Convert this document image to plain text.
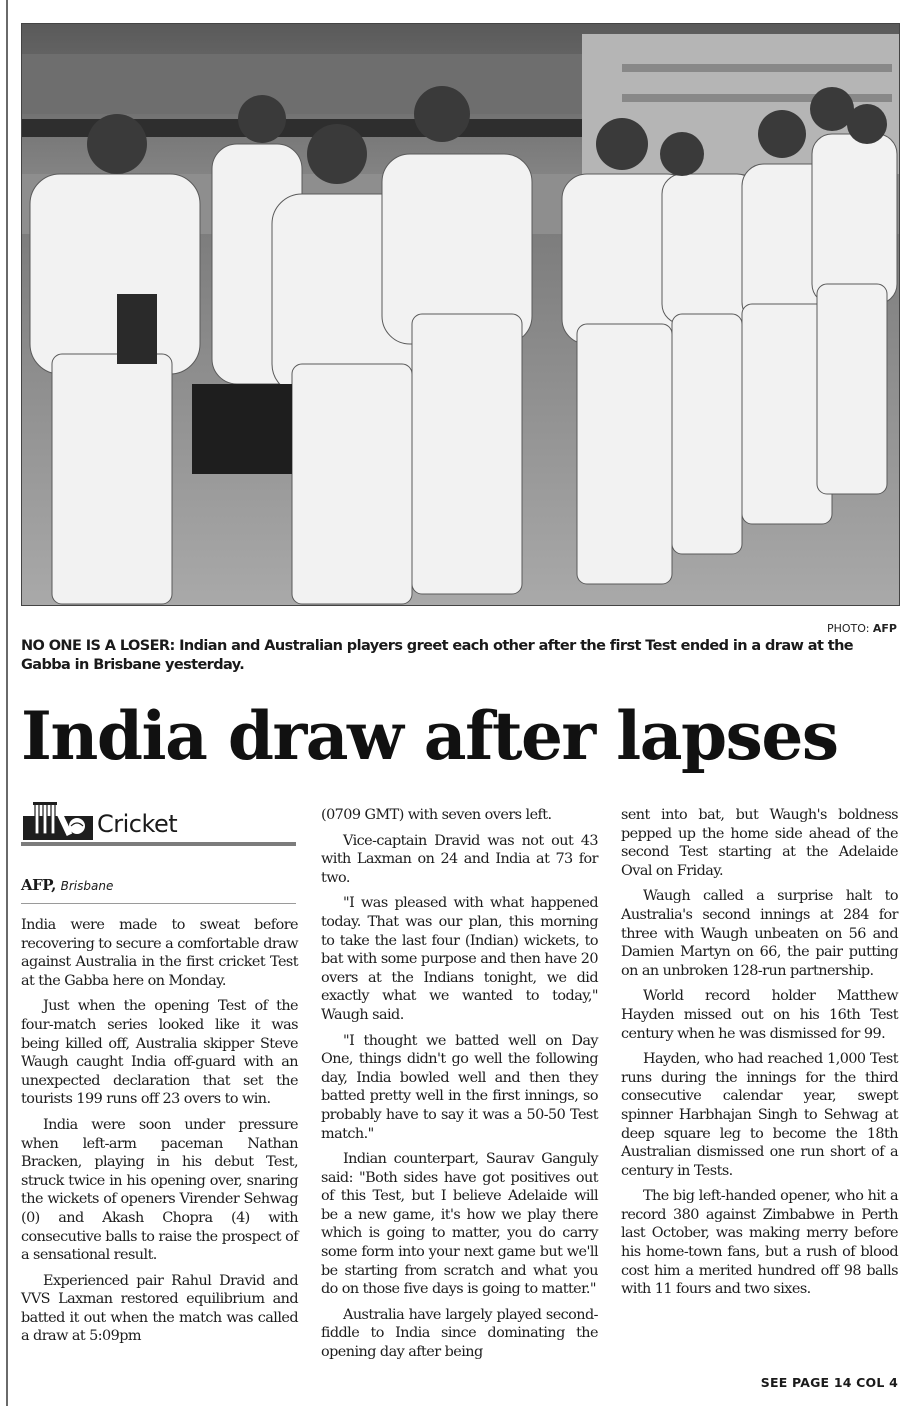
PHOTO: AFP
NO ONE IS A LOSER: Indian and Australian players greet each other after the first Test ended in a draw at the Gabba in Brisbane yesterday.
India draw after lapses
Cricket
AFP, Brisbane

India were made to sweat before recovering to secure a comfortable draw against Australia in the first cricket Test at the Gabba here on Monday.

Just when the opening Test of the four-match series looked like it was being killed off, Australia skipper Steve Waugh caught India off-guard with an unexpected declaration that set the tourists 199 runs off 23 overs to win.

India were soon under pressure when left-arm paceman Nathan Bracken, playing in his debut Test, struck twice in his opening over, snaring the wickets of openers Virender Sehwag (0) and Akash Chopra (4) with consecutive balls to raise the prospect of a sensational result.

Experienced pair Rahul Dravid and VVS Laxman restored equilibrium and batted it out when the match was called a draw at 5:09pm

(0709 GMT) with seven overs left.

Vice-captain Dravid was not out 43 with Laxman on 24 and India at 73 for two.

"I was pleased with what happened today. That was our plan, this morning to take the last four (Indian) wickets, to bat with some purpose and then have 20 overs at the Indians tonight, we did exactly what we wanted to today," Waugh said.

"I thought we batted well on Day One, things didn't go well the following day, India bowled well and then they batted pretty well in the first innings, so probably have to say it was a 50-50 Test match."

Indian counterpart, Saurav Ganguly said: "Both sides have got positives out of this Test, but I believe Adelaide will be a new game, it's how we play there which is going to matter, you do carry some form into your next game but we'll be starting from scratch and what you do on those five days is going to matter."

Australia have largely played second-fiddle to India since dominating the opening day after being

sent into bat, but Waugh's boldness pepped up the home side ahead of the second Test starting at the Adelaide Oval on Friday.

Waugh called a surprise halt to Australia's second innings at 284 for three with Waugh unbeaten on 56 and Damien Martyn on 66, the pair putting on an unbroken 128-run partnership.

World record holder Matthew Hayden missed out on his 16th Test century when he was dismissed for 99.

Hayden, who had reached 1,000 Test runs during the innings for the third consecutive calendar year, swept spinner Harbhajan Singh to Sehwag at deep square leg to become the 18th Australian dismissed one run short of a century in Tests.

The big left-handed opener, who hit a record 380 against Zimbabwe in Perth last October, was making merry before his home-town fans, but a rush of blood cost him a merited hundred off 98 balls with 11 fours and two sixes.

SEE PAGE 14 COL 4
